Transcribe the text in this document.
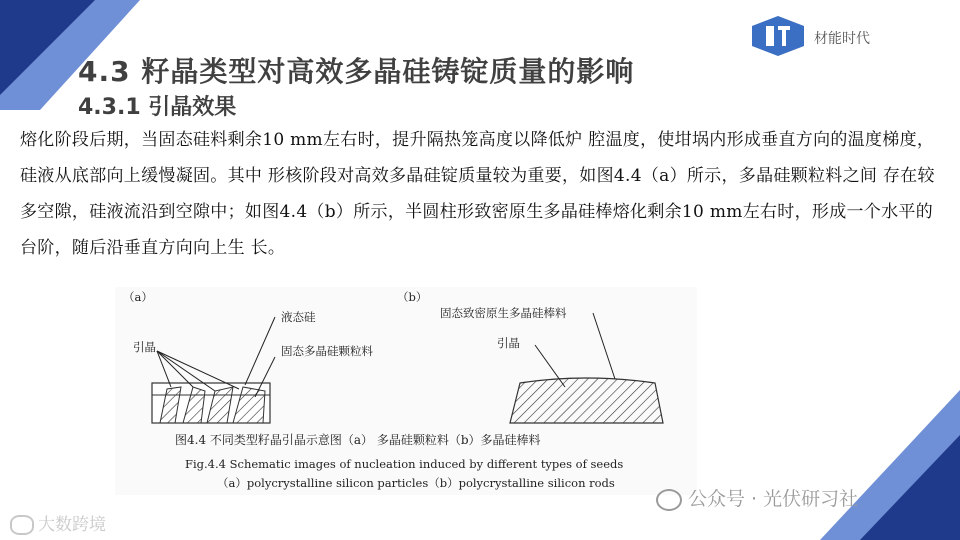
材能时代
4.3 籽晶类型对高效多晶硅铸锭质量的影响
4.3.1 引晶效果
熔化阶段后期，当固态硅料剩余10 mm左右时，提升隔热笼高度以降低炉 腔温度，使坩埚内形成垂直方向的温度梯度，硅液从底部向上缓慢凝固。其中 形核阶段对高效多晶硅锭质量较为重要，如图4.4（a）所示，多晶硅颗粒料之间 存在较多空隙，硅液流沿到空隙中；如图4.4（b）所示，半圆柱形致密原生多晶硅棒熔化剩余10 mm左右时，形成一个水平的台阶，随后沿垂直方向向上生 长。
（a）
液态硅
引晶	固态多晶硅颗粒料
（b）
固态致密原生多晶硅棒料
引晶
图4.4 不同类型籽晶引晶示意图（a） 多晶硅颗粒料（b）多晶硅棒料
Fig.4.4 Schematic images of nucleation induced by different types of seeds
（a）polycrystalline silicon particles（b）polycrystalline silicon rods
公众号 · 光伏研习社
大数跨境
